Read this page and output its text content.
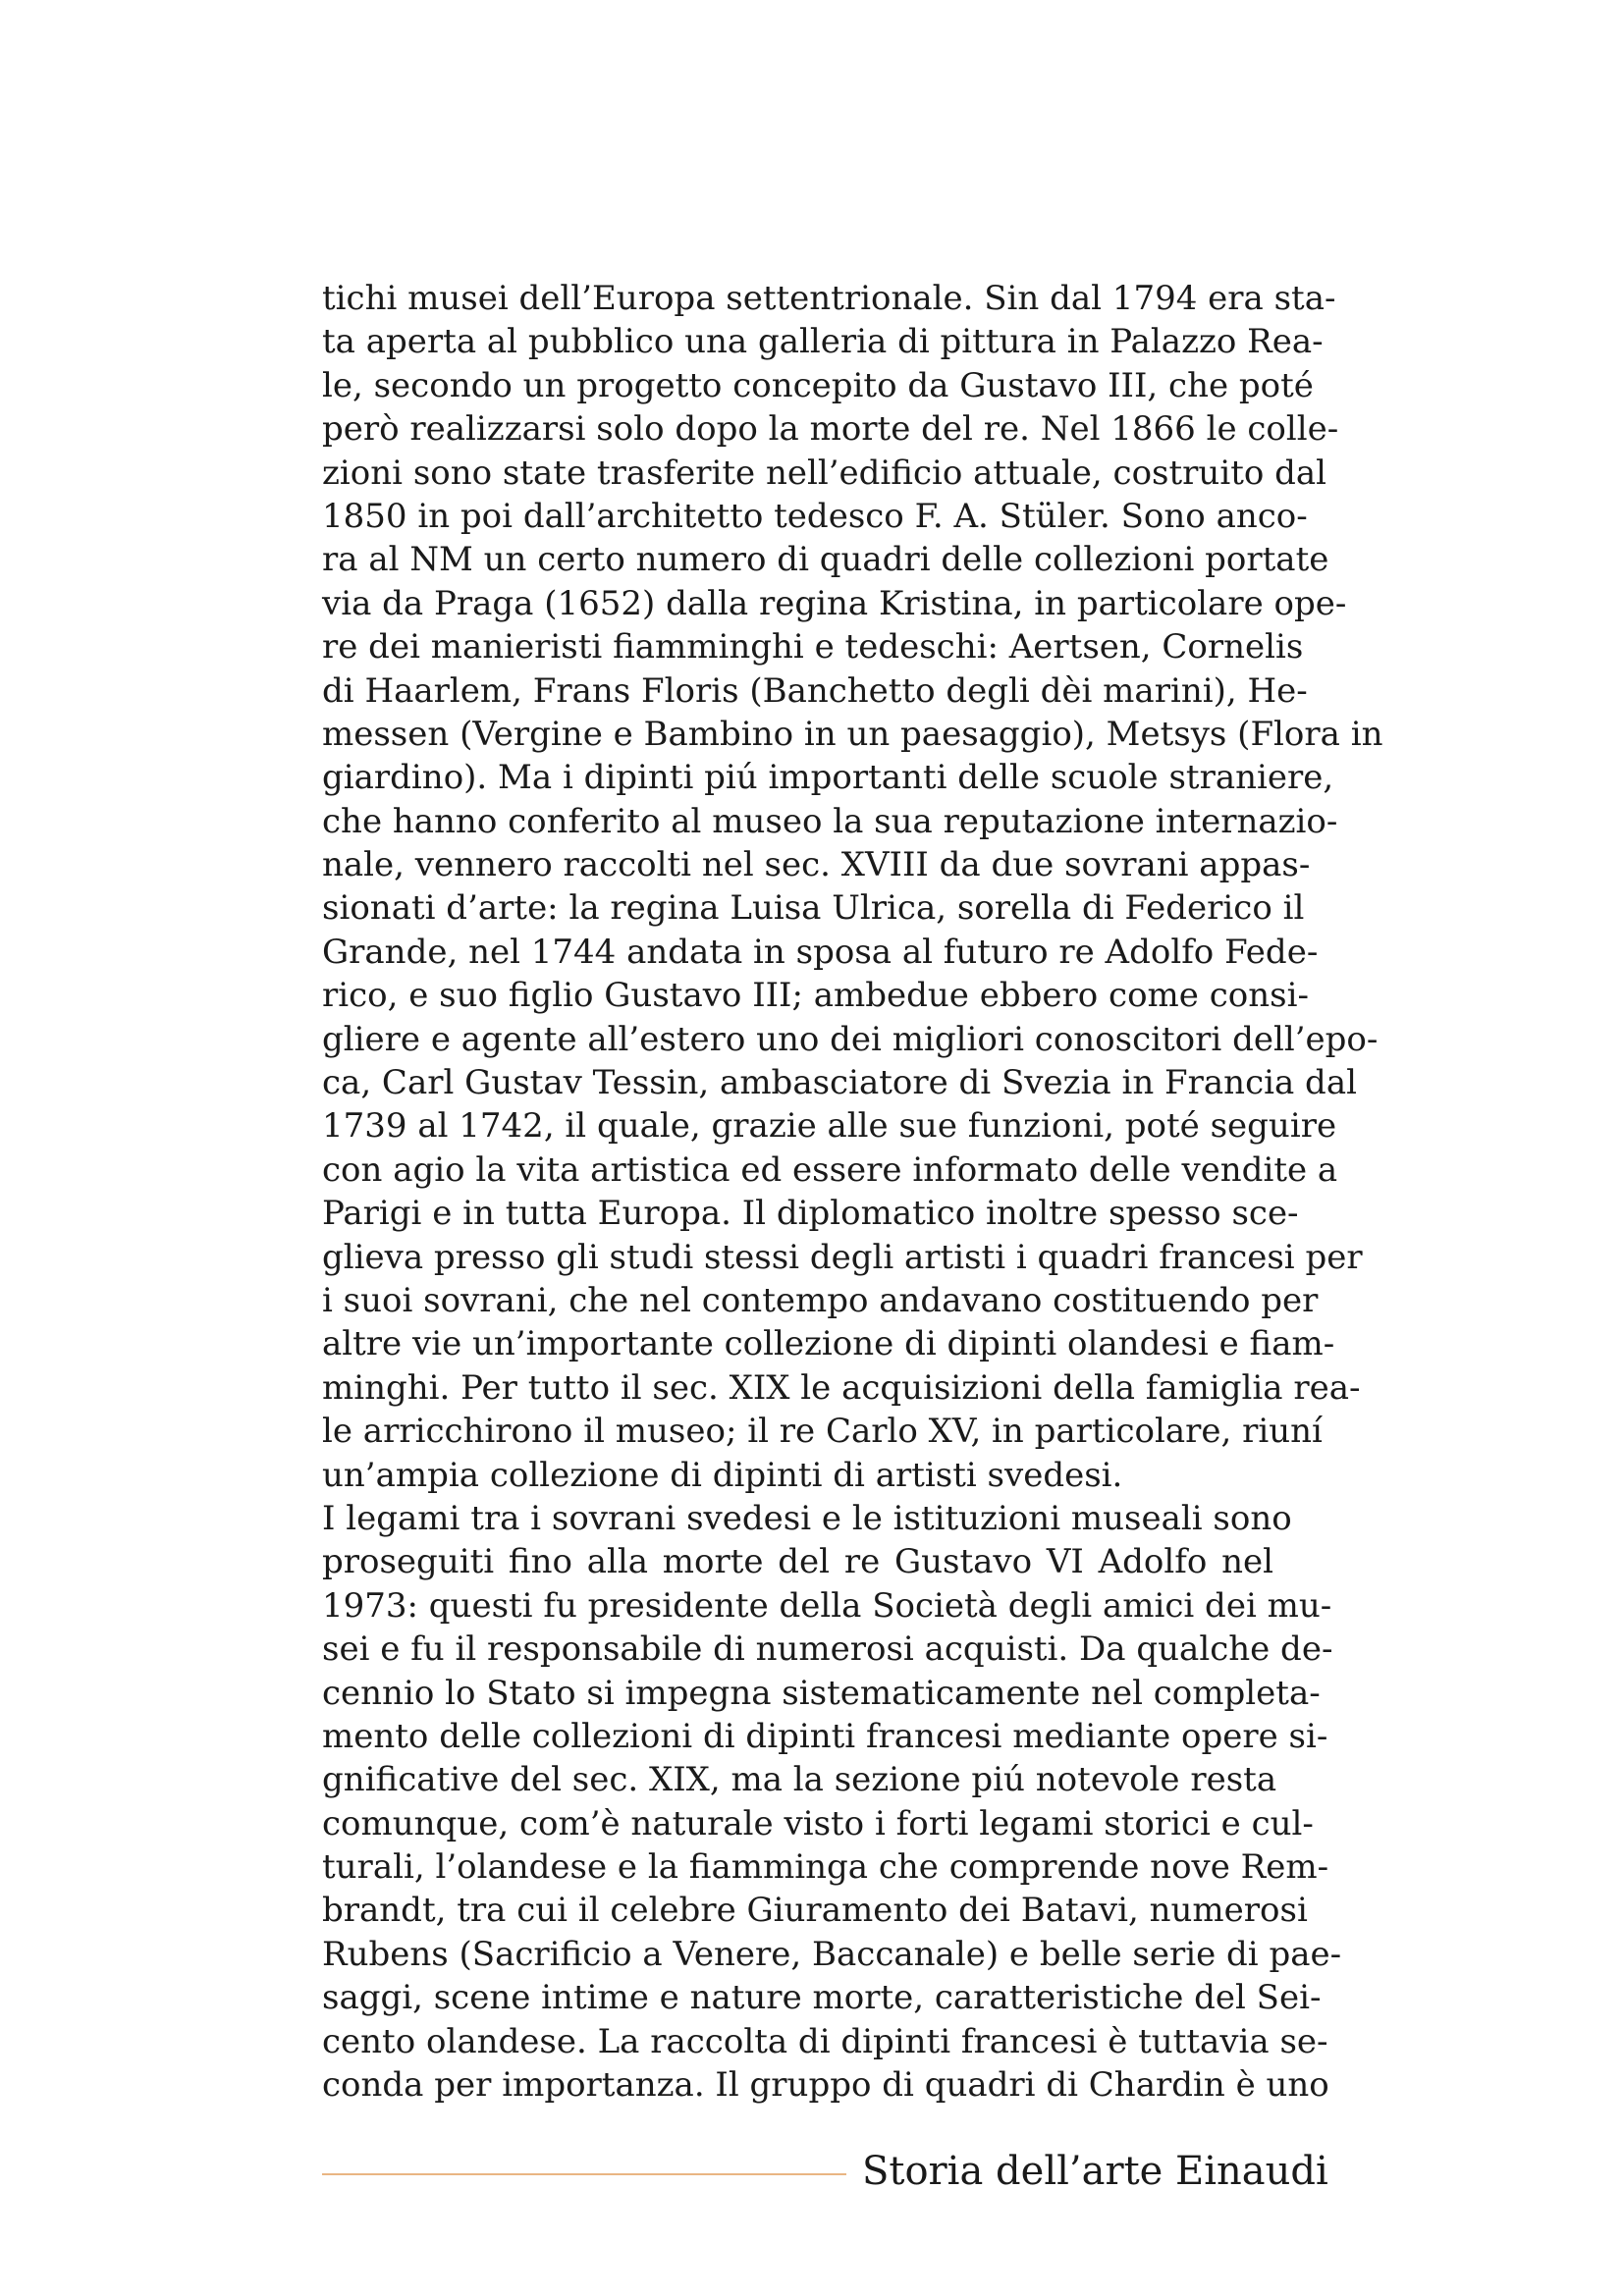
tichi musei dell’Europa settentrionale. Sin dal 1794 era sta-
ta aperta al pubblico una galleria di pittura in Palazzo Rea-
le, secondo un progetto concepito da Gustavo III, che poté
però realizzarsi solo dopo la morte del re. Nel 1866 le colle-
zioni sono state trasferite nell’edificio attuale, costruito dal
1850 in poi dall’architetto tedesco F. A. Stüler. Sono anco-
ra al NM un certo numero di quadri delle collezioni portate
via da Praga (1652) dalla regina Kristina, in particolare ope-
re dei manieristi fiamminghi e tedeschi: Aertsen, Cornelis
di Haarlem, Frans Floris (Banchetto degli dèi marini), He-
messen (Vergine e Bambino in un paesaggio), Metsys (Flora in
giardino). Ma i dipinti piú importanti delle scuole straniere,
che hanno conferito al museo la sua reputazione internazio-
nale, vennero raccolti nel sec. XVIII da due sovrani appas-
sionati d’arte: la regina Luisa Ulrica, sorella di Federico il
Grande, nel 1744 andata in sposa al futuro re Adolfo Fede-
rico, e suo figlio Gustavo III; ambedue ebbero come consi-
gliere e agente all’estero uno dei migliori conoscitori dell’epo-
ca, Carl Gustav Tessin, ambasciatore di Svezia in Francia dal
1739 al 1742, il quale, grazie alle sue funzioni, poté seguire
con agio la vita artistica ed essere informato delle vendite a
Parigi e in tutta Europa. Il diplomatico inoltre spesso sce-
glieva presso gli studi stessi degli artisti i quadri francesi per
i suoi sovrani, che nel contempo andavano costituendo per
altre vie un’importante collezione di dipinti olandesi e fiam-
minghi. Per tutto il sec. XIX le acquisizioni della famiglia rea-
le arricchirono il museo; il re Carlo XV, in particolare, riuní
un’ampia collezione di dipinti di artisti svedesi.
I legami tra i sovrani svedesi e le istituzioni museali sono
proseguiti fino alla morte del re Gustavo VI Adolfo nel
1973: questi fu presidente della Società degli amici dei mu-
sei e fu il responsabile di numerosi acquisti. Da qualche de-
cennio lo Stato si impegna sistematicamente nel completa-
mento delle collezioni di dipinti francesi mediante opere si-
gnificative del sec. XIX, ma la sezione piú notevole resta
comunque, com’è naturale visto i forti legami storici e cul-
turali, l’olandese e la fiamminga che comprende nove Rem-
brandt, tra cui il celebre Giuramento dei Batavi, numerosi
Rubens (Sacrificio a Venere, Baccanale) e belle serie di pae-
saggi, scene intime e nature morte, caratteristiche del Sei-
cento olandese. La raccolta di dipinti francesi è tuttavia se-
conda per importanza. Il gruppo di quadri di Chardin è uno
Storia dell’arte Einaudi
